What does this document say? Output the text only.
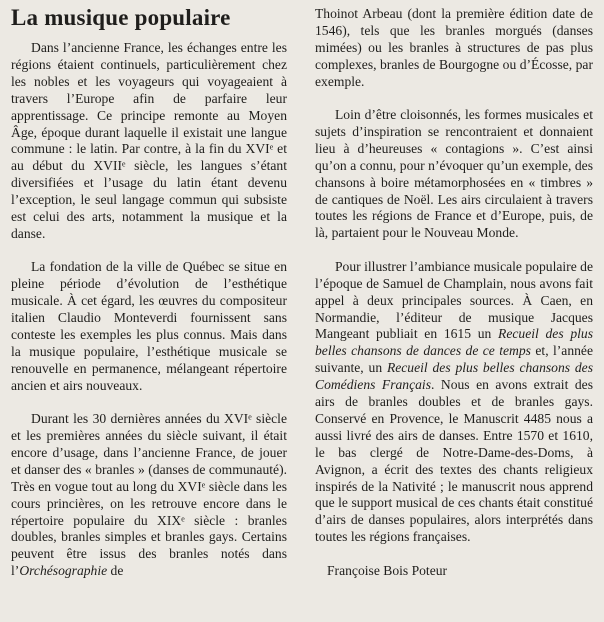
La musique populaire

Dans l’ancienne France, les échanges entre les régions étaient continuels, particulièrement chez les nobles et les voyageurs qui voyageaient à travers l’Europe afin de parfaire leur apprentissage. Ce principe remonte au Moyen Âge, époque durant laquelle il existait une langue commune : le latin. Par contre, à la fin du XVIᵉ et au début du XVIIᵉ siècle, les langues s’étant diversifiées et l’usage du latin étant devenu l’exception, le seul langage commun qui subsiste est celui des arts, notamment la musique et la danse.

La fondation de la ville de Québec se situe en pleine période d’évolution de l’esthétique musicale. À cet égard, les œuvres du compositeur italien Claudio Monteverdi fournissent sans conteste les exemples les plus connus. Mais dans la musique populaire, l’esthétique musicale se renouvelle en permanence, mélangeant répertoire ancien et airs nouveaux.

Durant les 30 dernières années du XVIᵉ siècle et les premières années du siècle suivant, il était encore d’usage, dans l’ancienne France, de jouer et danser des « branles » (danses de communauté). Très en vogue tout au long du XVIᵉ siècle dans les cours princières, on les retrouve encore dans le répertoire populaire du XIXᵉ siècle : branles doubles, branles simples et branles gays. Certains peuvent être issus des branles notés dans l’Orchésographie de

Thoinot Arbeau (dont la première édition date de 1546), tels que les branles morgués (danses mimées) ou les branles à structures de pas plus complexes, branles de Bourgogne ou d’Écosse, par exemple.

Loin d’être cloisonnés, les formes musicales et sujets d’inspiration se rencontraient et donnaient lieu à d’heureuses « contagions ». C’est ainsi qu’on a connu, pour n’évoquer qu’un exemple, des chansons à boire métamorphosées en « timbres » de cantiques de Noël. Les airs circulaient à travers toutes les régions de France et d’Europe, puis, de là, partaient pour le Nouveau Monde.

Pour illustrer l’ambiance musicale populaire de l’époque de Samuel de Champlain, nous avons fait appel à deux principales sources. À Caen, en Normandie, l’éditeur de musique Jacques Mangeant publiait en 1615 un Recueil des plus belles chansons de dances de ce temps et, l’année suivante, un Recueil des plus belles chansons des Comédiens Français. Nous en avons extrait des airs de branles doubles et de branles gays. Conservé en Provence, le Manuscrit 4485 nous a aussi livré des airs de danses. Entre 1570 et 1610, le bas clergé de Notre-Dame-des-Doms, à Avignon, a écrit des textes des chants religieux inspirés de la Nativité ; le manuscrit nous apprend que le support musical de ces chants était constitué d’airs de danses populaires, alors interprétés dans toutes les régions françaises.

Françoise Bois Poteur
